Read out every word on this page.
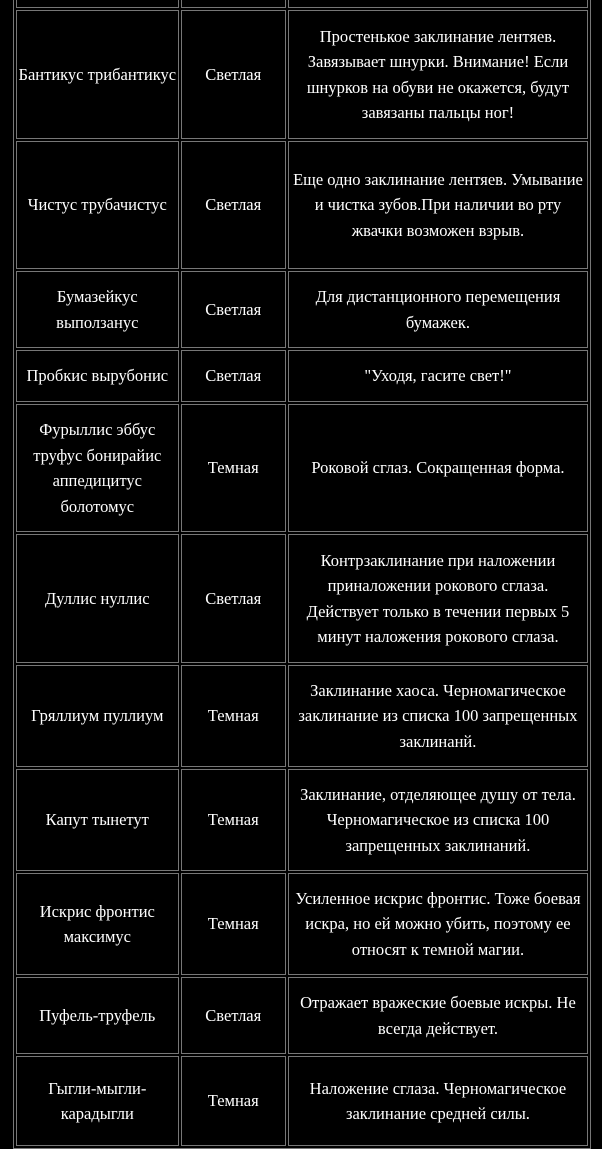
Бантикус трибантикус	Светлая	Простенькое заклинание лентяев. Завязывает шнурки. Внимание! Если шнурков на обуви не окажется, будут завязаны пальцы ног!
Чистус трубачистус	Светлая	Еще одно заклинание лентяев. Умывание и чистка зубов.При наличии во рту жвачки возможен взрыв.
Бумазейкус выползанус	Светлая	Для дистанционного перемещения бумажек.
Пробкис вырубонис	Светлая	"Уходя, гасите свет!"
Фурыллис эббус труфус бонирайис аппедицитус болотомус	Темная	Роковой сглаз. Сокращенная форма.
Дуллис нуллис	Светлая	Контрзаклинание при наложении приналожении рокового сглаза. Действует только в течении первых 5 минут наложения рокового сглаза.
Гряллиум пуллиум	Темная	Заклинание хаоса. Черномагическое заклинание из списка 100 запрещенных заклинанй.
Капут тынетут	Темная	Заклинание, отделяющее душу от тела. Черномагическое из списка 100 запрещенных заклинаний.
Искрис фронтис максимус	Темная	Усиленное искрис фронтис. Тоже боевая искра, но ей можно убить, поэтому ее относят к темной магии.
Пуфель-труфель	Светлая	Отражает вражеские боевые искры. Не всегда действует.
Гыгли-мыгли-карадыгли	Темная	Наложение сглаза. Черномагическое заклинание средней силы.
